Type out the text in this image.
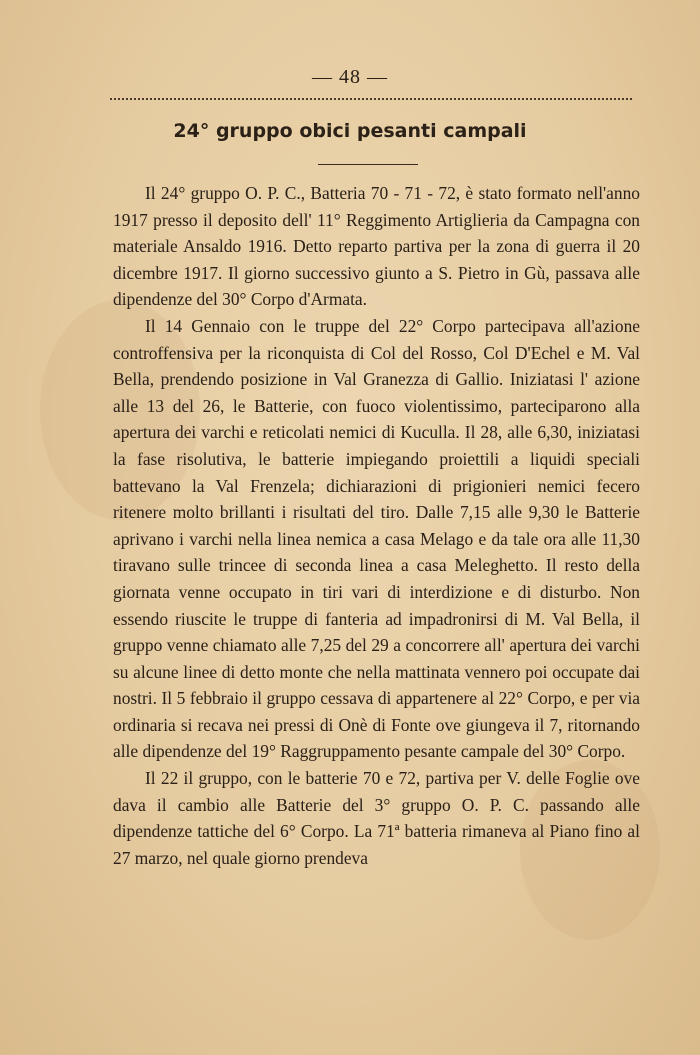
— 48 —
24° gruppo obici pesanti campali

Il 24° gruppo O. P. C., Batteria 70 - 71 - 72, è stato formato nell'anno 1917 presso il deposito dell' 11° Reggimento Artiglieria da Campagna con materiale Ansaldo 1916. Detto reparto partiva per la zona di guerra il 20 dicembre 1917. Il giorno successivo giunto a S. Pietro in Gù, passava alle dipendenze del 30° Corpo d'Armata.

Il 14 Gennaio con le truppe del 22° Corpo partecipava all'azione controffensiva per la riconquista di Col del Rosso, Col D'Echel e M. Val Bella, prendendo posizione in Val Granezza di Gallio. Iniziatasi l' azione alle 13 del 26, le Batterie, con fuoco violentissimo, parteciparono alla apertura dei varchi e reticolati nemici di Kuculla. Il 28, alle 6,30, iniziatasi la fase risolutiva, le batterie impiegando proiettili a liquidi speciali battevano la Val Frenzela; dichiarazioni di prigionieri nemici fecero ritenere molto brillanti i risultati del tiro. Dalle 7,15 alle 9,30 le Batterie aprivano i varchi nella linea nemica a casa Melago e da tale ora alle 11,30 tiravano sulle trincee di seconda linea a casa Meleghetto. Il resto della giornata venne occupato in tiri vari di interdizione e di disturbo. Non essendo riuscite le truppe di fanteria ad impadronirsi di M. Val Bella, il gruppo venne chiamato alle 7,25 del 29 a concorrere all' apertura dei varchi su alcune linee di detto monte che nella mattinata vennero poi occupate dai nostri. Il 5 febbraio il gruppo cessava di appartenere al 22° Corpo, e per via ordinaria si recava nei pressi di Onè di Fonte ove giungeva il 7, ritornando alle dipendenze del 19° Raggruppamento pesante campale del 30° Corpo.

Il 22 il gruppo, con le batterie 70 e 72, partiva per V. delle Foglie ove dava il cambio alle Batterie del 3° gruppo O. P. C. passando alle dipendenze tattiche del 6° Corpo. La 71ª batteria rimaneva al Piano fino al 27 marzo, nel quale giorno prendeva
